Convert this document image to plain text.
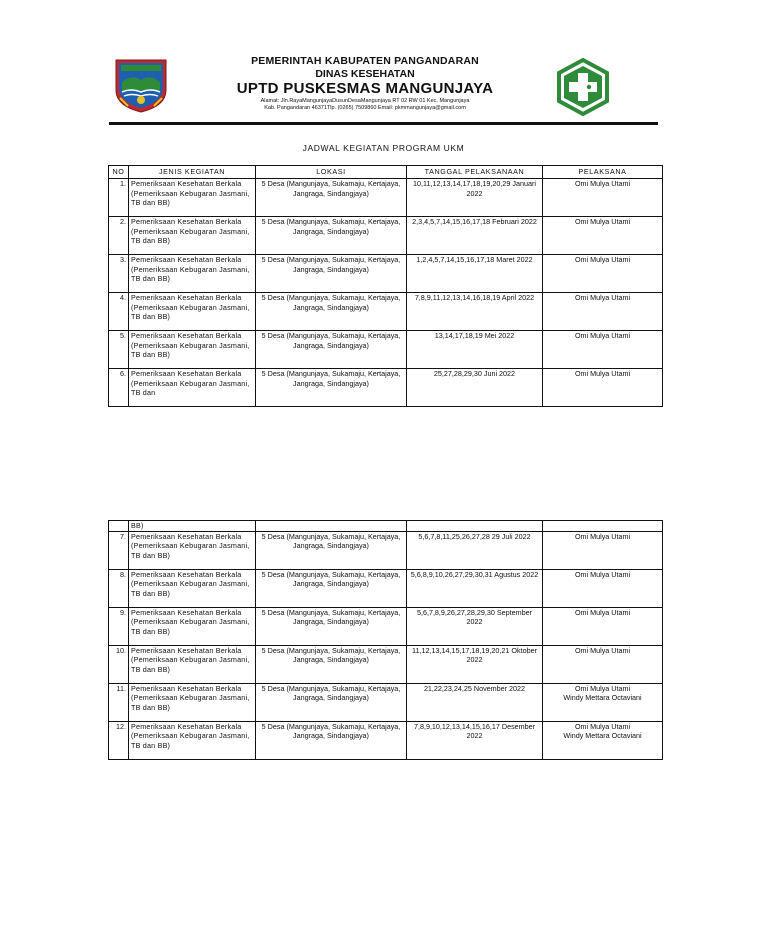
PEMERINTAH KABUPATEN PANGANDARAN
DINAS KESEHATAN
UPTD PUSKESMAS MANGUNJAYA
Alamat: Jln.RayaMangunjayaDusunDesaMangunjaya RT 02 RW 01 Kec. Mangunjaya
Kab. Pangandaran 46371Tlp. (0265) 7509860 Email: pkmmangunjaya@gmail.com
JADWAL KEGIATAN PROGRAM UKM
NO	JENIS KEGIATAN	LOKASI	TANGGAL PELAKSANAAN	PELAKSANA
1.	Pemeriksaan Kesehatan Berkala (Pemeriksaan Kebugaran Jasmani, TB dan BB)	5 Desa (Mangunjaya, Sukamaju, Kertajaya, Jangraga, Sindangjaya)	10,11,12,13,14,17,18,19,20,29 Januari 2022	Omi Mulya Utami
2.	Pemeriksaan Kesehatan Berkala (Pemeriksaan Kebugaran Jasmani, TB dan BB)	5 Desa (Mangunjaya, Sukamaju, Kertajaya, Jangraga, Sindangjaya)	2,3,4,5,7,14,15,16,17,18 Februari 2022	Omi Mulya Utami
3.	Pemeriksaan Kesehatan Berkala (Pemeriksaan Kebugaran Jasmani, TB dan BB)	5 Desa (Mangunjaya, Sukamaju, Kertajaya, Jangraga, Sindangjaya)	1,2,4,5,7,14,15,16,17,18 Maret 2022	Omi Mulya Utami
4.	Pemeriksaan Kesehatan Berkala (Pemeriksaan Kebugaran Jasmani, TB dan BB)	5 Desa (Mangunjaya, Sukamaju, Kertajaya, Jangraga, Sindangjaya)	7,8,9,11,12,13,14,16,18,19 April 2022	Omi Mulya Utami
5.	Pemeriksaan Kesehatan Berkala (Pemeriksaan Kebugaran Jasmani, TB dan BB)	5 Desa (Mangunjaya, Sukamaju, Kertajaya, Jangraga, Sindangjaya)	13,14,17,18,19 Mei 2022	Omi Mulya Utami
6.	Pemeriksaan Kesehatan Berkala (Pemeriksaan Kebugaran Jasmani, TB dan	5 Desa (Mangunjaya, Sukamaju, Kertajaya, Jangraga, Sindangjaya)	25,27,28,29,30 Juni 2022	Omi Mulya Utami
	BB)			
7.	Pemeriksaan Kesehatan Berkala (Pemeriksaan Kebugaran Jasmani, TB dan BB)	5 Desa (Mangunjaya, Sukamaju, Kertajaya, Jangraga, Sindangjaya)	5,6,7,8,11,25,26,27,28 29 Juli 2022	Omi Mulya Utami
8.	Pemeriksaan Kesehatan Berkala (Pemeriksaan Kebugaran Jasmani, TB dan BB)	5 Desa (Mangunjaya, Sukamaju, Kertajaya, Jangraga, Sindangjaya)	5,6,8,9,10,26,27,29,30,31 Agustus 2022	Omi Mulya Utami
9.	Pemeriksaan Kesehatan Berkala (Pemeriksaan Kebugaran Jasmani, TB dan BB)	5 Desa (Mangunjaya, Sukamaju, Kertajaya, Jangraga, Sindangjaya)	5,6,7,8,9,26,27,28,29,30 September 2022	Omi Mulya Utami
10.	Pemeriksaan Kesehatan Berkala (Pemeriksaan Kebugaran Jasmani, TB dan BB)	5 Desa (Mangunjaya, Sukamaju, Kertajaya, Jangraga, Sindangjaya)	11,12,13,14,15,17,18,19,20,21 Oktober 2022	Omi Mulya Utami
11.	Pemeriksaan Kesehatan Berkala (Pemeriksaan Kebugaran Jasmani, TB dan BB)	5 Desa (Mangunjaya, Sukamaju, Kertajaya, Jangraga, Sindangjaya)	21,22,23,24,25 November 2022	Omi Mulya Utami
Windy Mettara Octaviani

12.	Pemeriksaan Kesehatan Berkala (Pemeriksaan Kebugaran Jasmani, TB dan BB)	5 Desa (Mangunjaya, Sukamaju, Kertajaya, Jangraga, Sindangjaya)	7,8,9,10,12,13,14,15,16,17 Desember 2022	Omi Mulya Utami
Windy Mettara Octaviani
